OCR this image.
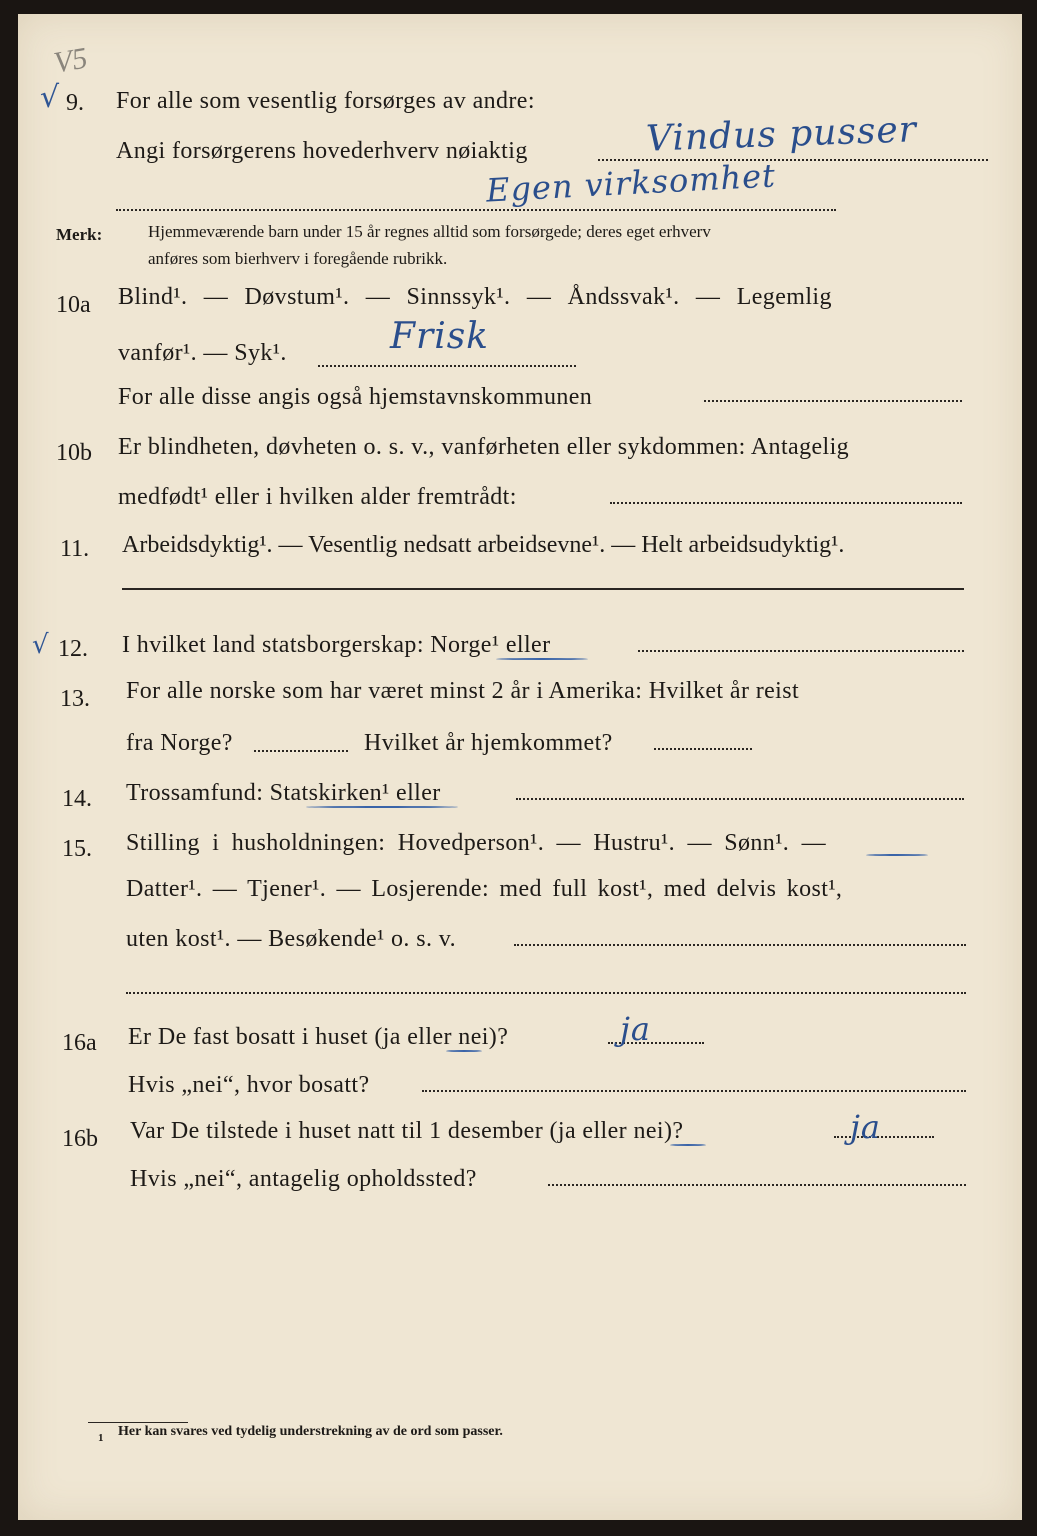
V5
√ 9. For alle som vesentlig forsørges av andre:
Angi forsørgerens hovederhverv nøiaktig	Vindus pusser
Egen virksomhet
Merk:	Hjemmeværende barn under 15 år regnes alltid som forsørgede; deres eget erhverv
anføres som bierhverv i foregående rubrikk.
10a Blind¹. — Døvstum¹. — Sinnssyk¹. — Åndssvak¹. — Legemlig
vanfør¹. — Syk¹.	Frisk
For alle disse angis også hjemstavnskommunen
10b Er blindheten, døvheten o. s. v., vanførheten eller sykdommen: Antagelig
medfødt¹ eller i hvilken alder fremtrådt:
11. Arbeidsdyktig¹. — Vesentlig nedsatt arbeidsevne¹. — Helt arbeidsudyktig¹.
√ 12. I hvilket land statsborgerskap: Norge¹ eller
13. For alle norske som har været minst 2 år i Amerika: Hvilket år reist
fra Norge?	Hvilket år hjemkommet?
14. Trossamfund: Statskirken¹ eller
15. Stilling i husholdningen: Hovedperson¹. — Hustru¹. — Sønn¹. —
Datter¹. — Tjener¹. — Losjerende: med full kost¹, med delvis kost¹,
uten kost¹. — Besøkende¹ o. s. v.
16a Er De fast bosatt i huset (ja eller nei)?	ja
Hvis „nei“, hvor bosatt?
16b Var De tilstede i huset natt til 1 desember (ja eller nei)?	ja
Hvis „nei“, antagelig opholdssted?
1 Her kan svares ved tydelig understrekning av de ord som passer.
